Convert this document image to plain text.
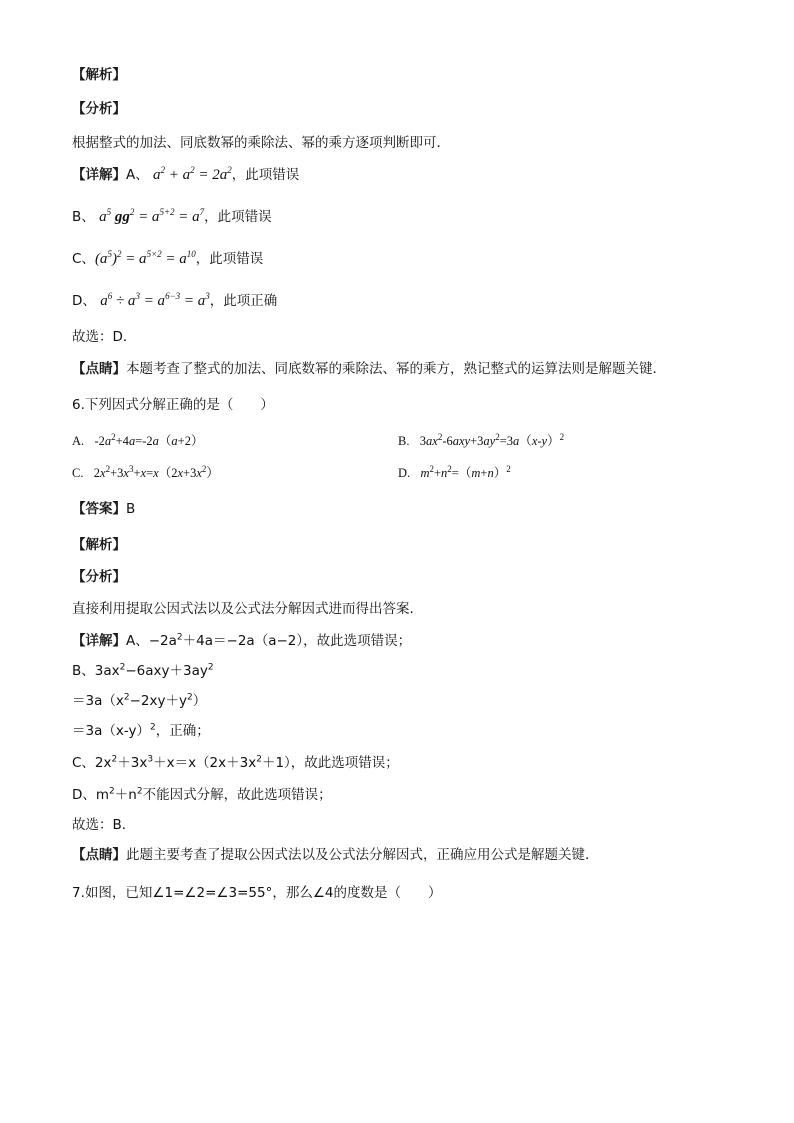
【解析】
【分析】
根据整式的加法、同底数幂的乘除法、幂的乘方逐项判断即可．
【详解】A、 $a^2 + a^2 = 2a^2$，此项错误
B、 $a^5$ $gg^2 = a^{5+2} = a^7$，此项错误
C、$(a^5)^2 = a^{5\times 2} = a^{10}$，此项错误
D、 $a^6 \div a^3 = a^{6-3} = a^3$，此项正确
故选：D．
【点睛】本题考查了整式的加法、同底数幂的乘除法、幂的乘方，熟记整式的运算法则是解题关键．
6.下列因式分解正确的是（　　）
A. $-2a^2+4a=-2a(a+2)$	B. $3ax^2-6axy+3ay^2=3a(x-y)^2$
C. $2x^2+3x^3+x=x(2x+3x^2)$	D. $m^2+n^2=(m+n)^2$
【答案】B
【解析】
【分析】
直接利用提取公因式法以及公式法分解因式进而得出答案．
【详解】A、$-2a^2+4a=-2a(a-2)$，故此选项错误；
B、$3ax^2-6axy+3ay^2$
$=3a(x^2-2xy+y^2)$
$=3a(x-y)^2$，正确；
C、$2x^2+3x^3+x=x(2x+3x^2+1)$，故此选项错误；
D、$m^2+n^2$不能因式分解，故此选项错误；
故选：B．
【点睛】此题主要考查了提取公因式法以及公式法分解因式，正确应用公式是解题关键．
7.如图，已知∠1=∠2=∠3=55°，那么∠4的度数是（　　）
